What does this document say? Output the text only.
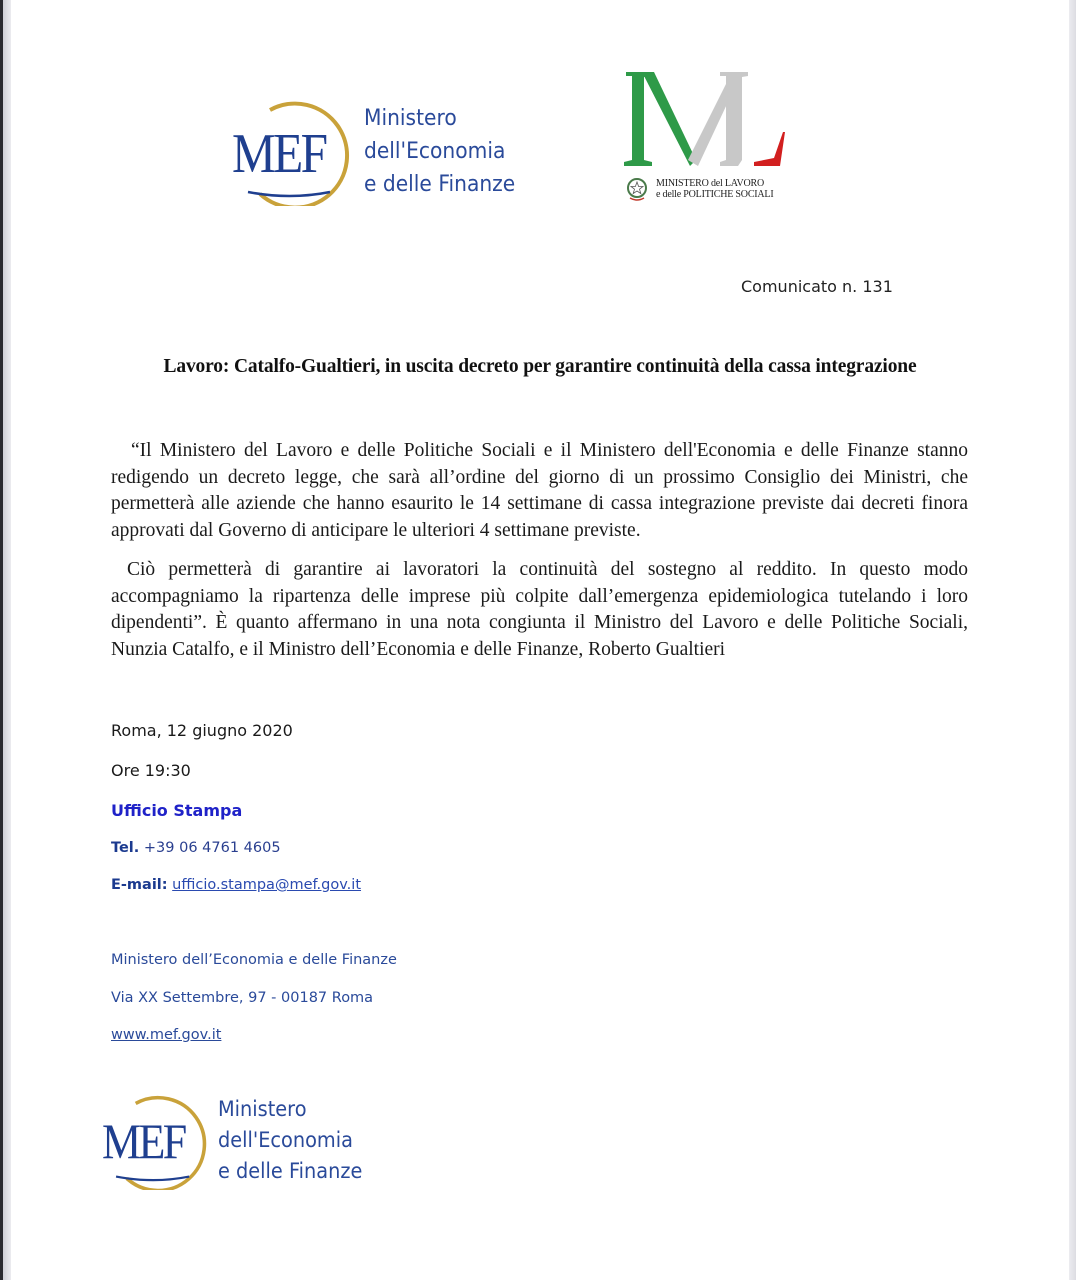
MEF
Ministero
dell'Economia
e delle Finanze	MINISTERO del LAVORO
e delle POLITICHE SOCIALI
Comunicato n. 131
Lavoro: Catalfo-Gualtieri, in uscita decreto per garantire continuità della cassa integrazione

“Il Ministero del Lavoro e delle Politiche Sociali e il Ministero dell'Economia e delle Finanze stanno redigendo un decreto legge, che sarà all’ordine del giorno di un prossimo Consiglio dei Ministri, che permetterà alle aziende che hanno esaurito le 14 settimane di cassa integrazione previste dai decreti finora approvati dal Governo di anticipare le ulteriori 4 settimane previste.

Ciò permetterà di garantire ai lavoratori la continuità del sostegno al reddito. In questo modo accompagniamo la ripartenza delle imprese più colpite dall’emergenza epidemiologica tutelando i loro dipendenti”. È quanto affermano in una nota congiunta il Ministro del Lavoro e delle Politiche Sociali, Nunzia Catalfo, e il Ministro dell’Economia e delle Finanze, Roberto Gualtieri

Roma, 12 giugno 2020
Ore 19:30
Ufficio Stampa
Tel. +39 06 4761 4605
E-mail: ufficio.stampa@mef.gov.it
Ministero dell’Economia e delle Finanze
Via XX Settembre, 97 - 00187 Roma
www.mef.gov.it
MEF
Ministero
dell'Economia
e delle Finanze
